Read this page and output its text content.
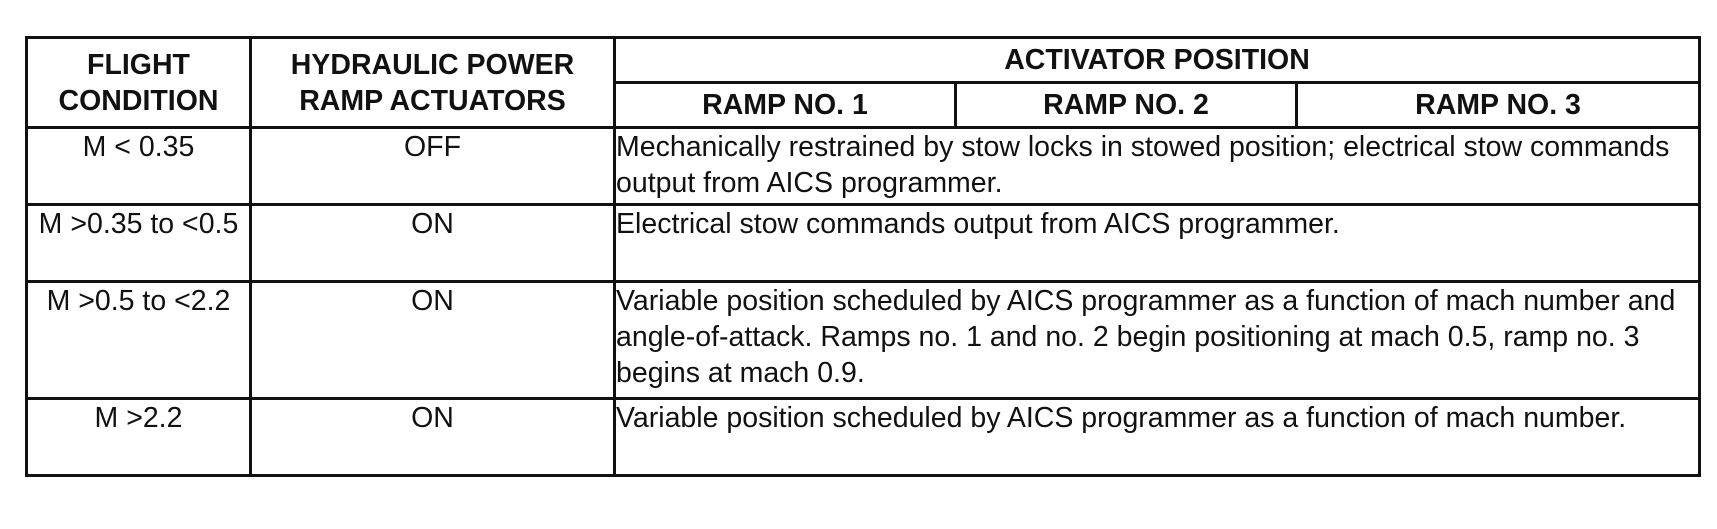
FLIGHT CONDITION	HYDRAULIC POWER RAMP ACTUATORS	ACTIVATOR POSITION		
		RAMP NO. 1	RAMP NO. 2	RAMP NO. 3
M < 0.35	OFF	Mechanically restrained by stow locks in stowed position; electrical stow commands output from AICS programmer.		
M >0.35 to <0.5	ON	Electrical stow commands output from AICS programmer.		
M >0.5 to <2.2	ON	Variable position scheduled by AICS programmer as a function of mach number and angle-of-attack. Ramps no. 1 and no. 2 begin positioning at mach 0.5, ramp no. 3 begins at mach 0.9.		
M >2.2	ON	Variable position scheduled by AICS programmer as a function of mach number.		
